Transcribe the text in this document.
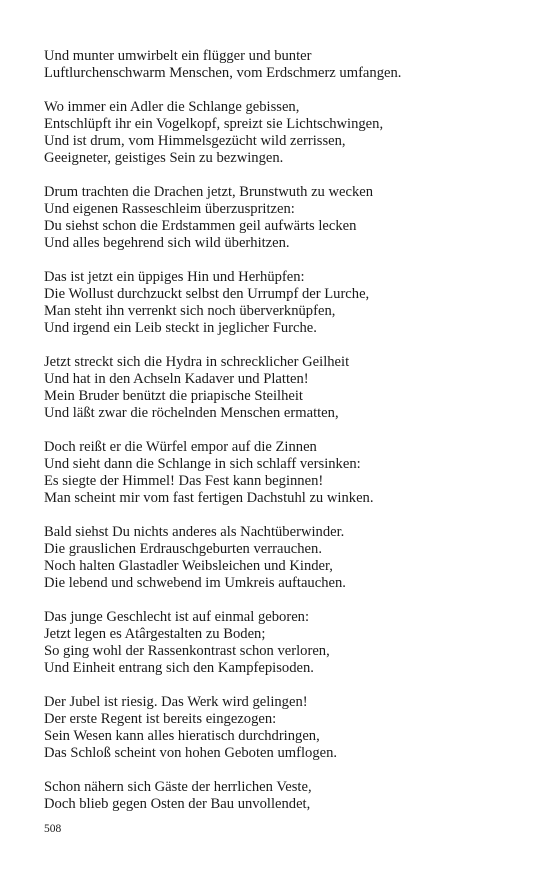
Und munter umwirbelt ein flügger und bunter
Luftlurchenschwarm Menschen, vom Erdschmerz umfangen.
Wo immer ein Adler die Schlange gebissen,
Entschlüpft ihr ein Vogelkopf, spreizt sie Lichtschwingen,
Und ist drum, vom Himmelsgezücht wild zerrissen,
Geeigneter, geistiges Sein zu bezwingen.
Drum trachten die Drachen jetzt, Brunstwuth zu wecken
Und eigenen Rasseschleim überzuspritzen:
Du siehst schon die Erdstammen geil aufwärts lecken
Und alles begehrend sich wild überhitzen.
Das ist jetzt ein üppiges Hin und Herhüpfen:
Die Wollust durchzuckt selbst den Urrumpf der Lurche,
Man steht ihn verrenkt sich noch überverknüpfen,
Und irgend ein Leib steckt in jeglicher Furche.
Jetzt streckt sich die Hydra in schrecklicher Geilheit
Und hat in den Achseln Kadaver und Platten!
Mein Bruder benützt die priapische Steilheit
Und läßt zwar die röchelnden Menschen ermatten,
Doch reißt er die Würfel empor auf die Zinnen
Und sieht dann die Schlange in sich schlaff versinken:
Es siegte der Himmel! Das Fest kann beginnen!
Man scheint mir vom fast fertigen Dachstuhl zu winken.
Bald siehst Du nichts anderes als Nachtüberwinder.
Die grauslichen Erdrauschgeburten verrauchen.
Noch halten Glastadler Weibsleichen und Kinder,
Die lebend und schwebend im Umkreis auftauchen.
Das junge Geschlecht ist auf einmal geboren:
Jetzt legen es Atârgestalten zu Boden;
So ging wohl der Rassenkontrast schon verloren,
Und Einheit entrang sich den Kampfepisoden.
Der Jubel ist riesig. Das Werk wird gelingen!
Der erste Regent ist bereits eingezogen:
Sein Wesen kann alles hieratisch durchdringen,
Das Schloß scheint von hohen Geboten umflogen.
Schon nähern sich Gäste der herrlichen Veste,
Doch blieb gegen Osten der Bau unvollendet,
508
